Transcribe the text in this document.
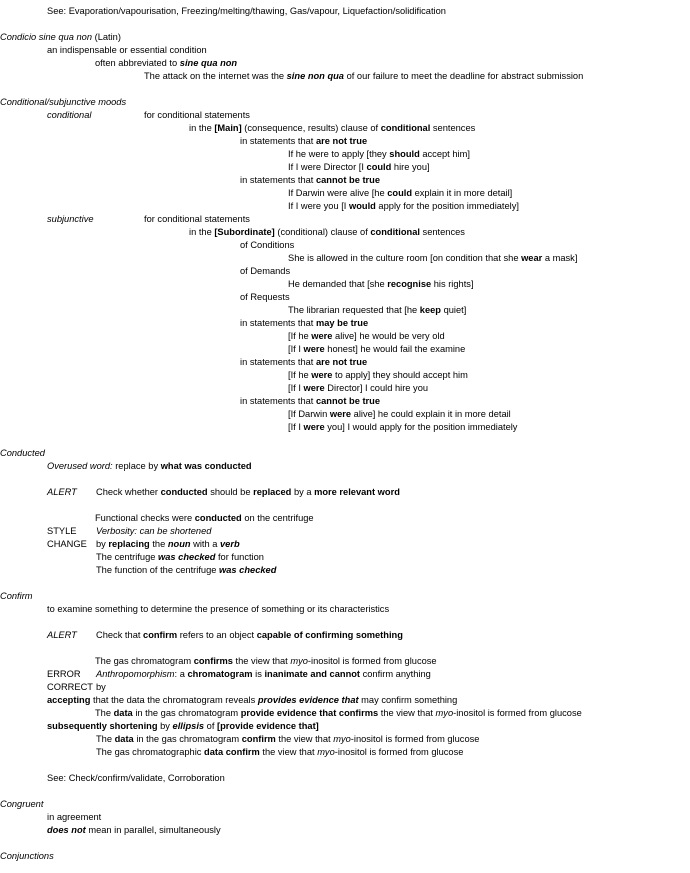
See: Evaporation/vapourisation, Freezing/melting/thawing, Gas/vapour, Liquefaction/solidification
Condicio sine qua non (Latin)
an indispensable or essential condition
often abbreviated to sine qua non
The attack on the internet was the sine non qua of our failure to meet the deadline for abstract submission
Conditional/subjunctive moods
conditional	for conditional statements
in the [Main] (consequence, results) clause of conditional sentences
in statements that are not true
If he were to apply [they should accept him]
If I were Director [I could hire you]
in statements that cannot be true
If Darwin were alive [he could explain it in more detail]
If I were you [I would apply for the position immediately]
subjunctive	for conditional statements
in the [Subordinate] (conditional) clause of conditional sentences
of Conditions
She is allowed in the culture room [on condition that she wear a mask]
of Demands
He demanded that [she recognise his rights]
of Requests
The librarian requested that [he keep quiet]
in statements that may be true
[If he were alive] he would be very old
[If I were honest] he would fail the examine
in statements that are not true
[If he were to apply] they should accept him
[If I were Director] I could hire you
in statements that cannot be true
[If Darwin were alive] he could explain it in more detail
[If I were you] I would apply for the position immediately
Conducted
Overused word: replace by what was conducted
ALERT Check whether conducted should be replaced by a more relevant word
Functional checks were conducted on the centrifuge
STYLE Verbosity: can be shortened
CHANGE by replacing the noun with a verb
The centrifuge was checked for function
The function of the centrifuge was checked
Confirm
to examine something to determine the presence of something or its characteristics
ALERT Check that confirm refers to an object capable of confirming something
The gas chromatogram confirms the view that myo-inositol is formed from glucose
ERROR Anthropomorphism: a chromatogram is inanimate and cannot confirm anything
CORRECT by
accepting that the data the chromatogram reveals provides evidence that may confirm something
The data in the gas chromatogram provide evidence that confirms the view that myo-inositol is formed from glucose
subsequently shortening by ellipsis of [provide evidence that]
The data in the gas chromatogram confirm the view that myo-inositol is formed from glucose
The gas chromatographic data confirm the view that myo-inositol is formed from glucose
See: Check/confirm/validate, Corroboration
Congruent
in agreement
does not mean in parallel, simultaneously
Conjunctions
